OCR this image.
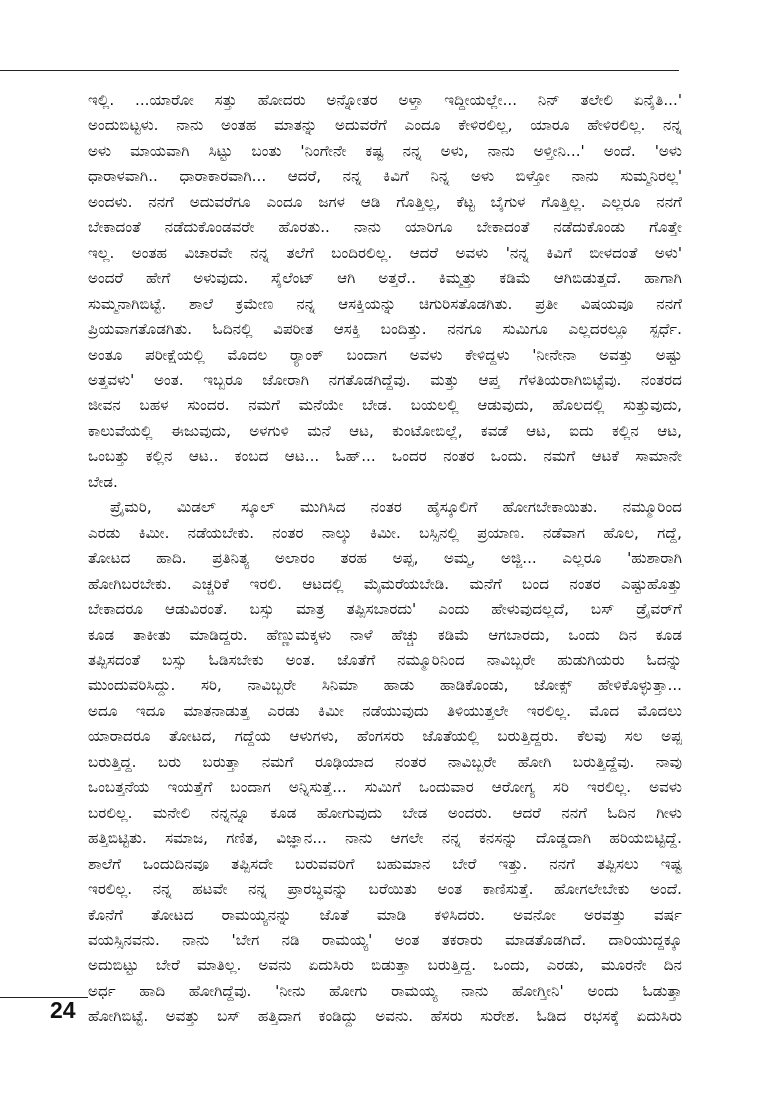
ಇಲ್ಲಿ. ...ಯಾರೋ ಸತ್ತು ಹೋದರು ಅನ್ನೋತರ ಅಳ್ತಾ ಇದ್ದೀಯಲ್ಲೇ... ನಿನ್ ತಲೇಲಿ ಏನೈತಿ...'
ಅಂದುಬಿಟ್ಟಳು. ನಾನು ಅಂತಹ ಮಾತನ್ನು ಅದುವರೆಗೆ ಎಂದೂ ಕೇಳಿರಲಿಲ್ಲ, ಯಾರೂ ಹೇಳಿರಲಿಲ್ಲ. ನನ್ನ
ಅಳು ಮಾಯವಾಗಿ ಸಿಟ್ಟು ಬಂತು 'ನಿಂಗೇನೇ ಕಷ್ಟ ನನ್ನ ಅಳು, ನಾನು ಅಳ್ತೀನಿ...' ಅಂದೆ. 'ಅಳು
ಧಾರಾಳವಾಗಿ.. ಧಾರಾಕಾರವಾಗಿ... ಆದರೆ, ನನ್ನ ಕಿವಿಗೆ ನಿನ್ನ ಅಳು ಬಿಳ್ತೋ ನಾನು ಸುಮ್ಮನಿರಲ್ಲ'
ಅಂದಳು. ನನಗೆ ಅದುವರೆಗೂ ಎಂದೂ ಜಗಳ ಆಡಿ ಗೊತ್ತಿಲ್ಲ, ಕೆಟ್ಟ ಬೈಗುಳ ಗೊತ್ತಿಲ್ಲ. ಎಲ್ಲರೂ ನನಗೆ
ಬೇಕಾದಂತೆ ನಡೆದುಕೊಂಡವರೇ ಹೊರತು.. ನಾನು ಯಾರಿಗೂ ಬೇಕಾದಂತೆ ನಡೆದುಕೊಂಡು ಗೊತ್ತೇ
ಇಲ್ಲ. ಅಂತಹ ವಿಚಾರವೇ ನನ್ನ ತಲೆಗೆ ಬಂದಿರಲಿಲ್ಲ. ಆದರೆ ಅವಳು 'ನನ್ನ ಕಿವಿಗೆ ಬೀಳದಂತೆ ಅಳು'
ಅಂದರೆ ಹೇಗೆ ಅಳುವುದು. ಸೈಲೆಂಟ್ ಆಗಿ ಅತ್ತರೆ.. ಕಿಮ್ಮತ್ತು ಕಡಿಮೆ ಆಗಿಬಿಡುತ್ತದೆ. ಹಾಗಾಗಿ
ಸುಮ್ಮನಾಗಿಬಿಟ್ಟೆ. ಶಾಲೆ ಕ್ರಮೇಣ ನನ್ನ ಆಸಕ್ತಿಯನ್ನು ಚಿಗುರಿಸತೊಡಗಿತು. ಪ್ರತೀ ವಿಷಯವೂ ನನಗೆ
ಪ್ರಿಯವಾಗತೊಡಗಿತು. ಓದಿನಲ್ಲಿ ವಿಪರೀತ ಆಸಕ್ತಿ ಬಂದಿತ್ತು. ನನಗೂ ಸುಮಿಗೂ ಎಲ್ಲದರಲ್ಲೂ ಸ್ಪರ್ಧೆ.
ಅಂತೂ ಪರೀಕ್ಷೆಯಲ್ಲಿ ಮೊದಲ ರ್‍ಯಾಂಕ್ ಬಂದಾಗ ಅವಳು ಕೇಳಿದ್ದಳು 'ನೀನೇನಾ ಅವತ್ತು ಅಷ್ಟು
ಅತ್ತವಳು' ಅಂತ. ಇಬ್ಬರೂ ಜೋರಾಗಿ ನಗತೊಡಗಿದ್ದೆವು. ಮತ್ತು ಆಪ್ತ ಗೆಳತಿಯರಾಗಿಬಿಟ್ಟೆವು. ನಂತರದ
ಜೀವನ ಬಹಳ ಸುಂದರ. ನಮಗೆ ಮನೆಯೇ ಬೇಡ. ಬಯಲಲ್ಲಿ ಆಡುವುದು, ಹೊಲದಲ್ಲಿ ಸುತ್ತುವುದು,
ಕಾಲುವೆಯಲ್ಲಿ ಈಜುವುದು, ಅಳಗುಳಿ ಮನೆ ಆಟ, ಕುಂಟೋಬಿಲ್ಲೆ, ಕವಡೆ ಆಟ, ಐದು ಕಲ್ಲಿನ ಆಟ,
ಒಂಬತ್ತು ಕಲ್ಲಿನ ಆಟ.. ಕಂಬದ ಆಟ... ಓಹ್... ಒಂದರ ನಂತರ ಒಂದು. ನಮಗೆ ಆಟಕೆ ಸಾಮಾನೇ
ಬೇಡ.

ಪ್ರೈಮರಿ, ಮಿಡಲ್ ಸ್ಕೂಲ್ ಮುಗಿಸಿದ ನಂತರ ಹೈಸ್ಕೂಲಿಗೆ ಹೋಗಬೇಕಾಯಿತು. ನಮ್ಮೂರಿಂದ
ಎರಡು ಕಿಮೀ. ನಡೆಯಬೇಕು. ನಂತರ ನಾಲ್ಕು ಕಿಮೀ. ಬಸ್ಸಿನಲ್ಲಿ ಪ್ರಯಾಣ. ನಡೆವಾಗ ಹೊಲ, ಗದ್ದೆ,
ತೋಟದ ಹಾದಿ. ಪ್ರತಿನಿತ್ಯ ಅಲಾರಂ ತರಹ ಅಪ್ಪ, ಅಮ್ಮ, ಅಜ್ಜಿ... ಎಲ್ಲರೂ 'ಹುಶಾರಾಗಿ
ಹೋಗಿಬರಬೇಕು. ಎಚ್ಚರಿಕೆ ಇರಲಿ. ಆಟದಲ್ಲಿ ಮೈಮರೆಯಬೇಡಿ. ಮನೆಗೆ ಬಂದ ನಂತರ ಎಷ್ಟುಹೊತ್ತು
ಬೇಕಾದರೂ ಆಡುವಿರಂತೆ. ಬಸ್ಸು ಮಾತ್ರ ತಪ್ಪಿಸಬಾರದು' ಎಂದು ಹೇಳುವುದಲ್ಲದೆ, ಬಸ್ ಡ್ರೈವರ್‌ಗೆ
ಕೂಡ ತಾಕೀತು ಮಾಡಿದ್ದರು. ಹೆಣ್ಣುಮಕ್ಕಳು ನಾಳೆ ಹೆಚ್ಚು ಕಡಿಮೆ ಆಗಬಾರದು, ಒಂದು ದಿನ ಕೂಡ
ತಪ್ಪಿಸದಂತೆ ಬಸ್ಸು ಓಡಿಸಬೇಕು ಅಂತ. ಜೊತೆಗೆ ನಮ್ಮೂರಿನಿಂದ ನಾವಿಬ್ಬರೇ ಹುಡುಗಿಯರು ಓದನ್ನು
ಮುಂದುವರಿಸಿದ್ದು. ಸರಿ, ನಾವಿಬ್ಬರೇ ಸಿನಿಮಾ ಹಾಡು ಹಾಡಿಕೊಂಡು, ಜೋಕ್ಸ್ ಹೇಳಿಕೊಳ್ಳುತ್ತಾ...
ಅದೂ ಇದೂ ಮಾತನಾಡುತ್ತ ಎರಡು ಕಿಮೀ ನಡೆಯುವುದು ತಿಳಿಯುತ್ತಲೇ ಇರಲಿಲ್ಲ. ಮೊದ ಮೊದಲು
ಯಾರಾದರೂ ತೋಟದ, ಗದ್ದೆಯ ಆಳುಗಳು, ಹೆಂಗಸರು ಜೊತೆಯಲ್ಲಿ ಬರುತ್ತಿದ್ದರು. ಕೆಲವು ಸಲ ಅಪ್ಪ
ಬರುತ್ತಿದ್ದ. ಬರು ಬರುತ್ತಾ ನಮಗೆ ರೂಢಿಯಾದ ನಂತರ ನಾವಿಬ್ಬರೇ ಹೋಗಿ ಬರುತ್ತಿದ್ದೆವು. ನಾವು
ಒಂಬತ್ತನೆಯ ಇಯತ್ತೆಗೆ ಬಂದಾಗ ಅನ್ನಿಸುತ್ತೆ... ಸುಮಿಗೆ ಒಂದುವಾರ ಆರೋಗ್ಯ ಸರಿ ಇರಲಿಲ್ಲ. ಅವಳು
ಬರಲಿಲ್ಲ. ಮನೇಲಿ ನನ್ನನ್ನೂ ಕೂಡ ಹೋಗುವುದು ಬೇಡ ಅಂದರು. ಆದರೆ ನನಗೆ ಓದಿನ ಗೀಳು
ಹತ್ತಿಬಿಟ್ಟಿತು. ಸಮಾಜ, ಗಣಿತ, ವಿಜ್ಞಾನ... ನಾನು ಆಗಲೇ ನನ್ನ ಕನಸನ್ನು ದೊಡ್ಡದಾಗಿ ಹರಿಯಬಿಟ್ಟಿದ್ದೆ.
ಶಾಲೆಗೆ ಒಂದುದಿನವೂ ತಪ್ಪಿಸದೇ ಬರುವವರಿಗೆ ಬಹುಮಾನ ಬೇರೆ ಇತ್ತು. ನನಗೆ ತಪ್ಪಿಸಲು ಇಷ್ಟ
ಇರಲಿಲ್ಲ. ನನ್ನ ಹಟವೇ ನನ್ನ ಪ್ರಾರಬ್ಧವನ್ನು ಬರೆಯಿತು ಅಂತ ಕಾಣಿಸುತ್ತೆ. ಹೋಗಲೇಬೇಕು ಅಂದೆ.
ಕೊನೆಗೆ ತೋಟದ ರಾಮಯ್ಯನನ್ನು ಜೊತೆ ಮಾಡಿ ಕಳಿಸಿದರು. ಅವನೋ ಅರವತ್ತು ವರ್ಷ
ವಯಸ್ಸಿನವನು. ನಾನು 'ಬೇಗ ನಡಿ ರಾಮಯ್ಯ' ಅಂತ ತಕರಾರು ಮಾಡತೊಡಗಿದೆ. ದಾರಿಯುದ್ದಕ್ಕೂ
ಅದುಬಿಟ್ಟು ಬೇರೆ ಮಾತಿಲ್ಲ. ಅವನು ಏದುಸಿರು ಬಿಡುತ್ತಾ ಬರುತ್ತಿದ್ದ. ಒಂದು, ಎರಡು, ಮೂರನೇ ದಿನ
ಅರ್ಧ ಹಾದಿ ಹೋಗಿದ್ದೆವು. 'ನೀನು ಹೋಗು ರಾಮಯ್ಯ ನಾನು ಹೋಗ್ತೀನಿ' ಅಂದು ಓಡುತ್ತಾ
ಹೋಗಿಬಿಟ್ಟೆ. ಅವತ್ತು ಬಸ್ ಹತ್ತಿದಾಗ ಕಂಡಿದ್ದು ಅವನು. ಹೆಸರು ಸುರೇಶ. ಓಡಿದ ರಭಸಕ್ಕೆ ಏದುಸಿರು

24
